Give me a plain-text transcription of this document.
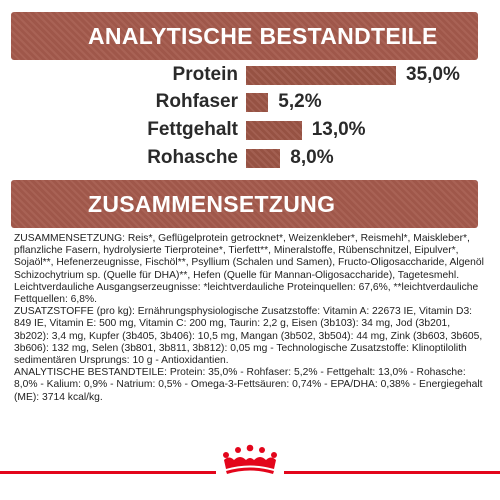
ANALYTISCHE BESTANDTEILE
Protein	35,0%
Rohfaser 5,2%
Fettgehalt	13,0%
Rohasche	8,0%
ZUSAMMENSETZUNG

ZUSAMMENSETZUNG: Reis*, Geflügelprotein getrocknet*, Weizenkleber*, Reismehl*, Maiskleber*, pflanzliche Fasern, hydrolysierte Tierproteine*, Tierfett**, Mineralstoffe, Rübenschnitzel, Eipulver*, Sojaöl**, Hefenerzeugnisse, Fischöl**, Psyllium (Schalen und Samen), Fructo-Oligosaccharide, Algenöl Schizochytrium sp. (Quelle für DHA)**, Hefen (Quelle für Mannan-Oligosaccharide), Tagetesmehl. Leichtverdauliche Ausgangserzeugnisse: *leichtverdauliche Proteinquellen: 67,6%, **leichtverdauliche Fettquellen: 6,8%.

ZUSATZSTOFFE (pro kg): Ernährungsphysiologische Zusatzstoffe: Vitamin A: 22673 IE, Vitamin D3: 849 IE, Vitamin E: 500 mg, Vitamin C: 200 mg, Taurin: 2,2 g, Eisen (3b103): 34 mg, Jod (3b201, 3b202): 3,4 mg, Kupfer (3b405, 3b406): 10,5 mg, Mangan (3b502, 3b504): 44 mg, Zink (3b603, 3b605, 3b606): 132 mg, Selen (3b801, 3b811, 3b812): 0,05 mg - Technologische Zusatzstoffe: Klinoptilolith sedimentären Ursprungs: 10 g - Antioxidantien.

ANALYTISCHE BESTANDTEILE: Protein: 35,0% - Rohfaser: 5,2% - Fettgehalt: 13,0% - Rohasche: 8,0% - Kalium: 0,9% - Natrium: 0,5% - Omega-3-Fettsäuren: 0,74% - EPA/DHA: 0,38% - Energiegehalt (ME): 3714 kcal/kg.
